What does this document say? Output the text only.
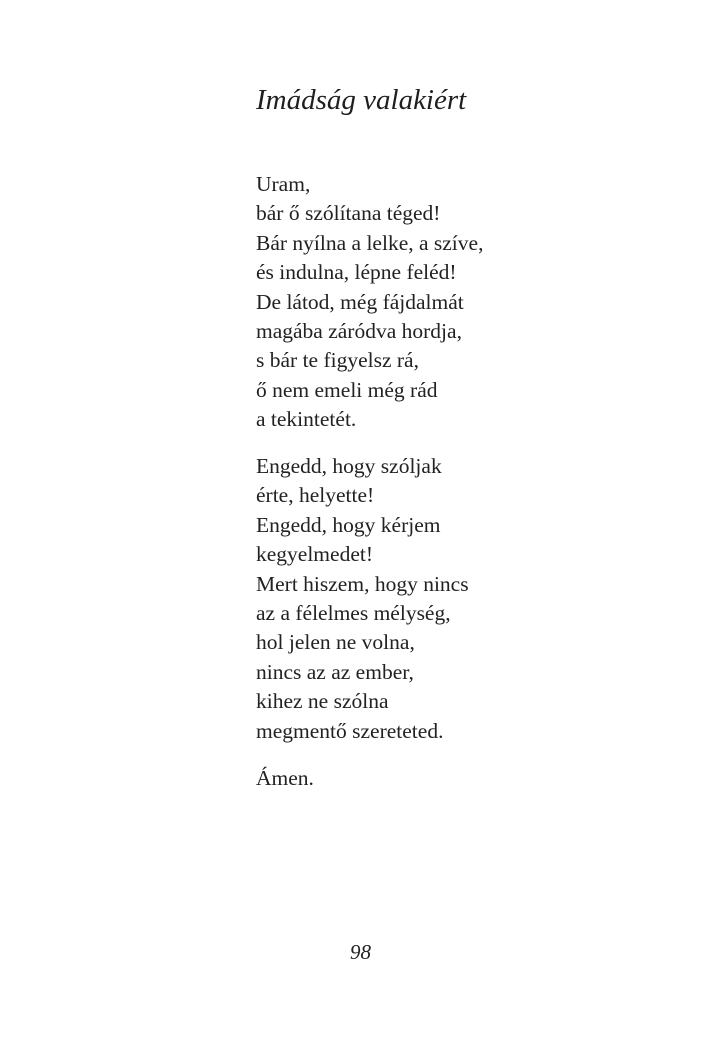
Imádság valakiért
Uram,
bár ő szólítana téged!
Bár nyílna a lelke, a szíve,
és indulna, lépne feléd!
De látod, még fájdalmát
magába záródva hordja,
s bár te figyelsz rá,
ő nem emeli még rád
a tekintetét.
Engedd, hogy szóljak
érte, helyette!
Engedd, hogy kérjem
kegyelmedet!
Mert hiszem, hogy nincs
az a félelmes mélység,
hol jelen ne volna,
nincs az az ember,
kihez ne szólna
megmentő szereteted.
Ámen.
98
